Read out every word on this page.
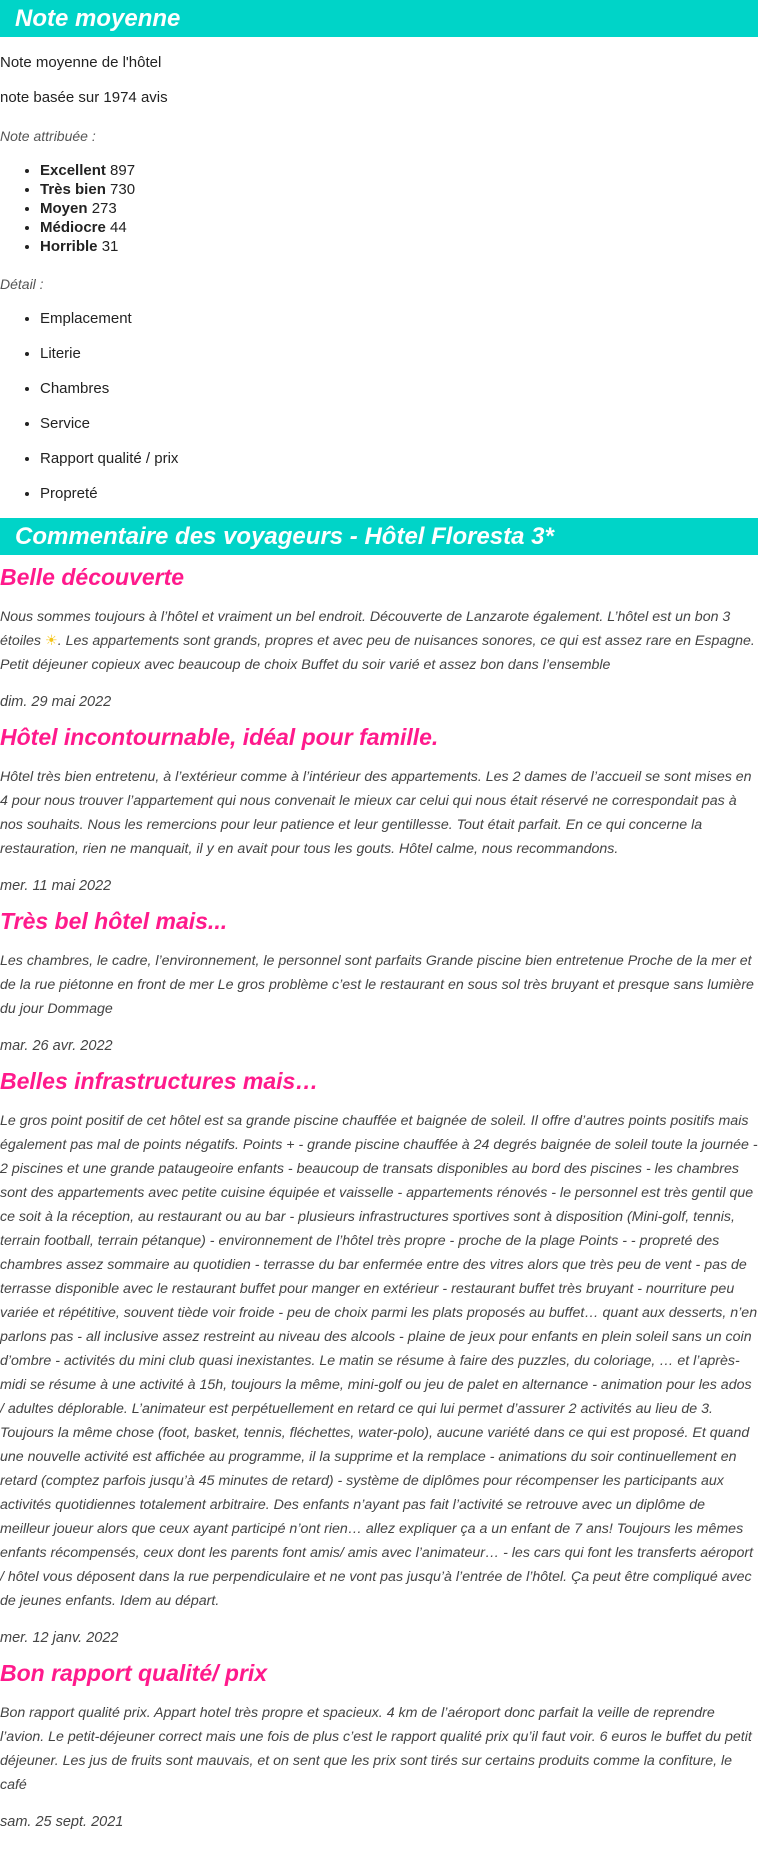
Note moyenne

Note moyenne de l'hôtel

note basée sur 1974 avis

Note attribuée :

• Excellent 897
• Très bien 730
• Moyen 273
• Médiocre 44
• Horrible 31

Détail :

• Emplacement
• Literie
• Chambres
• Service
• Rapport qualité / prix
• Propreté
Commentaire des voyageurs - Hôtel Floresta 3*
Belle découverte

Nous sommes toujours à l’hôtel et vraiment un bel endroit. Découverte de Lanzarote également. L’hôtel est un bon 3 étoiles ☀. Les appartements sont grands, propres et avec peu de nuisances sonores, ce qui est assez rare en Espagne. Petit déjeuner copieux avec beaucoup de choix Buffet du soir varié et assez bon dans l’ensemble

dim. 29 mai 2022

Hôtel incontournable, idéal pour famille.

Hôtel très bien entretenu, à l’extérieur comme à l’intérieur des appartements. Les 2 dames de l’accueil se sont mises en 4 pour nous trouver l’appartement qui nous convenait le mieux car celui qui nous était réservé ne correspondait pas à nos souhaits. Nous les remercions pour leur patience et leur gentillesse. Tout était parfait. En ce qui concerne la restauration, rien ne manquait, il y en avait pour tous les gouts. Hôtel calme, nous recommandons.

mer. 11 mai 2022

Très bel hôtel mais...

Les chambres, le cadre, l’environnement, le personnel sont parfaits Grande piscine bien entretenue Proche de la mer et de la rue piétonne en front de mer Le gros problème c’est le restaurant en sous sol très bruyant et presque sans lumière du jour Dommage

mar. 26 avr. 2022

Belles infrastructures mais…

Le gros point positif de cet hôtel est sa grande piscine chauffée et baignée de soleil. Il offre d’autres points positifs mais également pas mal de points négatifs. Points + - grande piscine chauffée à 24 degrés baignée de soleil toute la journée - 2 piscines et une grande pataugeoire enfants - beaucoup de transats disponibles au bord des piscines - les chambres sont des appartements avec petite cuisine équipée et vaisselle - appartements rénovés - le personnel est très gentil que ce soit à la réception, au restaurant ou au bar - plusieurs infrastructures sportives sont à disposition (Mini-golf, tennis, terrain football, terrain pétanque) - environnement de l’hôtel très propre - proche de la plage Points - - propreté des chambres assez sommaire au quotidien - terrasse du bar enfermée entre des vitres alors que très peu de vent - pas de terrasse disponible avec le restaurant buffet pour manger en extérieur - restaurant buffet très bruyant - nourriture peu variée et répétitive, souvent tiède voir froide - peu de choix parmi les plats proposés au buffet… quant aux desserts, n’en parlons pas - all inclusive assez restreint au niveau des alcools - plaine de jeux pour enfants en plein soleil sans un coin d’ombre - activités du mini club quasi inexistantes. Le matin se résume à faire des puzzles, du coloriage, … et l’après-midi se résume à une activité à 15h, toujours la même, mini-golf ou jeu de palet en alternance - animation pour les ados / adultes déplorable. L’animateur est perpétuellement en retard ce qui lui permet d’assurer 2 activités au lieu de 3. Toujours la même chose (foot, basket, tennis, fléchettes, water-polo), aucune variété dans ce qui est proposé. Et quand une nouvelle activité est affichée au programme, il la supprime et la remplace - animations du soir continuellement en retard (comptez parfois jusqu’à 45 minutes de retard) - système de diplômes pour récompenser les participants aux activités quotidiennes totalement arbitraire. Des enfants n’ayant pas fait l’activité se retrouve avec un diplôme de meilleur joueur alors que ceux ayant participé n’ont rien… allez expliquer ça a un enfant de 7 ans! Toujours les mêmes enfants récompensés, ceux dont les parents font amis/ amis avec l’animateur… - les cars qui font les transferts aéroport / hôtel vous déposent dans la rue perpendiculaire et ne vont pas jusqu’à l’entrée de l’hôtel. Ça peut être compliqué avec de jeunes enfants. Idem au départ.

mer. 12 janv. 2022

Bon rapport qualité/ prix

Bon rapport qualité prix. Appart hotel très propre et spacieux. 4 km de l’aéroport donc parfait la veille de reprendre l’avion. Le petit-déjeuner correct mais une fois de plus c’est le rapport qualité prix qu’il faut voir. 6 euros le buffet du petit déjeuner. Les jus de fruits sont mauvais, et on sent que les prix sont tirés sur certains produits comme la confiture, le café

sam. 25 sept. 2021
